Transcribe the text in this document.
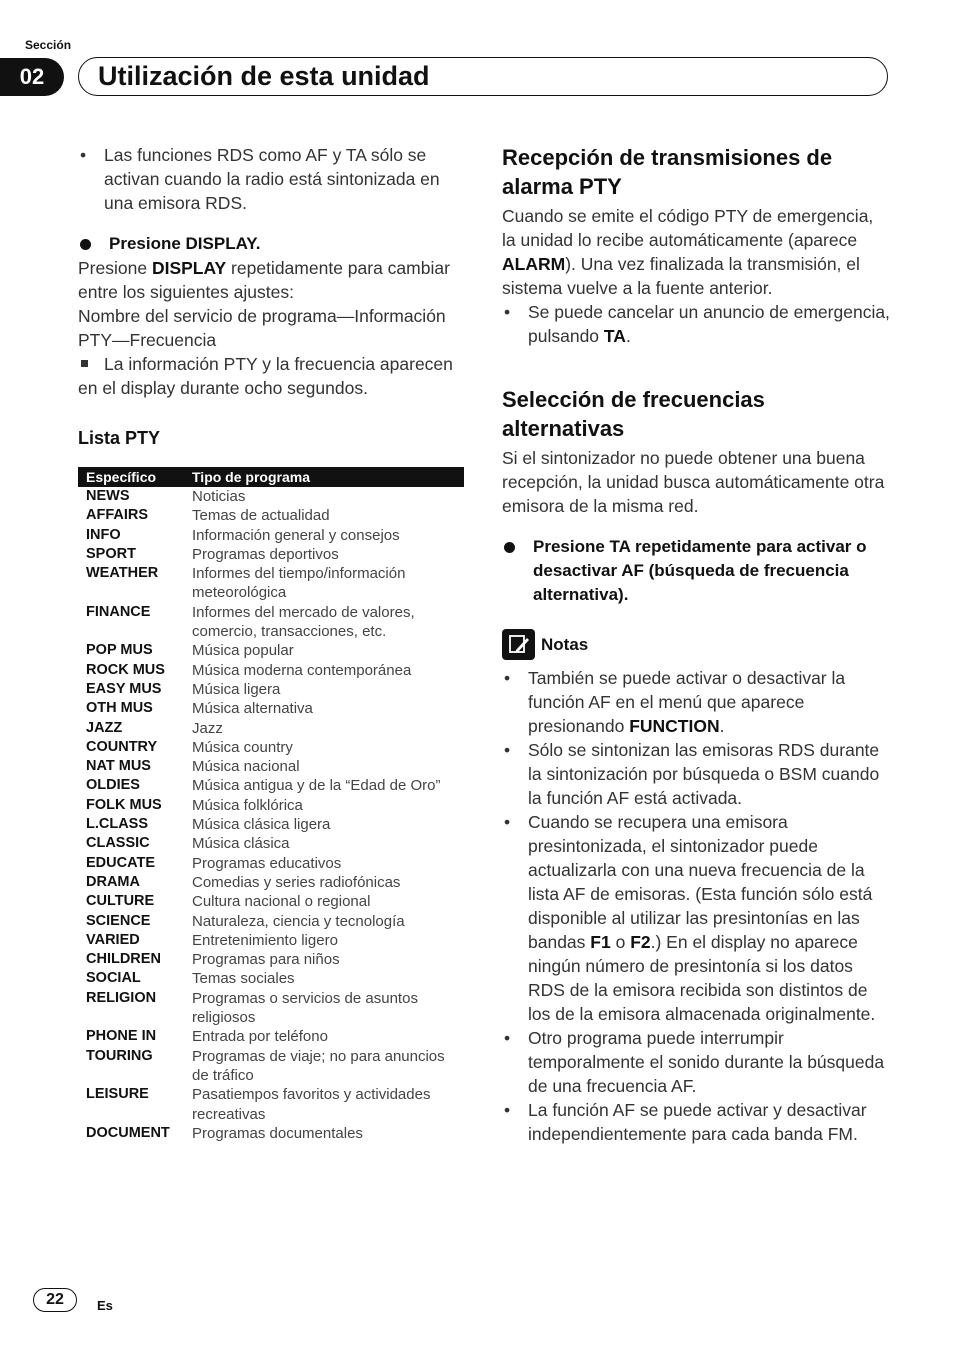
Sección
02	Utilización de esta unidad
• Las funciones RDS como AF y TA sólo se activan cuando la radio está sintonizada en una emisora RDS.
Presione DISPLAY.
Presione DISPLAY repetidamente para cambiar entre los siguientes ajustes:
Nombre del servicio de programa—Información PTY—Frecuencia
La información PTY y la frecuencia aparecen en el display durante ocho segundos.
Lista PTY
Específico	Tipo de programa
NEWS	Noticias
AFFAIRS	Temas de actualidad
INFO	Información general y consejos
SPORT	Programas deportivos
WEATHER	Informes del tiempo/información meteorológica
FINANCE	Informes del mercado de valores, comercio, transacciones, etc.
POP MUS	Música popular
ROCK MUS	Música moderna contemporánea
EASY MUS	Música ligera
OTH MUS	Música alternativa
JAZZ	Jazz
COUNTRY	Música country
NAT MUS	Música nacional
OLDIES	Música antigua y de la “Edad de Oro”
FOLK MUS	Música folklórica
L.CLASS	Música clásica ligera
CLASSIC	Música clásica
EDUCATE	Programas educativos
DRAMA	Comedias y series radiofónicas
CULTURE	Cultura nacional o regional
SCIENCE	Naturaleza, ciencia y tecnología
VARIED	Entretenimiento ligero
CHILDREN	Programas para niños
SOCIAL	Temas sociales
RELIGION	Programas o servicios de asuntos religiosos
PHONE IN	Entrada por teléfono
TOURING	Programas de viaje; no para anuncios de tráfico
LEISURE	Pasatiempos favoritos y actividades recreativas
DOCUMENT	Programas documentales
Recepción de transmisiones de alarma PTY
Cuando se emite el código PTY de emergencia, la unidad lo recibe automáticamente (aparece ALARM). Una vez finalizada la transmisión, el sistema vuelve a la fuente anterior.
• Se puede cancelar un anuncio de emergencia, pulsando TA.
Selección de frecuencias alternativas
Si el sintonizador no puede obtener una buena recepción, la unidad busca automáticamente otra emisora de la misma red.
Presione TA repetidamente para activar o desactivar AF (búsqueda de frecuencia alternativa).
Notas
• También se puede activar o desactivar la función AF en el menú que aparece presionando FUNCTION.
• Sólo se sintonizan las emisoras RDS durante la sintonización por búsqueda o BSM cuando la función AF está activada.
• Cuando se recupera una emisora presintonizada, el sintonizador puede actualizarla con una nueva frecuencia de la lista AF de emisoras. (Esta función sólo está disponible al utilizar las presintonías en las bandas F1 o F2.) En el display no aparece ningún número de presintonía si los datos RDS de la emisora recibida son distintos de los de la emisora almacenada originalmente.
• Otro programa puede interrumpir temporalmente el sonido durante la búsqueda de una frecuencia AF.
• La función AF se puede activar y desactivar independientemente para cada banda FM.
22	Es
